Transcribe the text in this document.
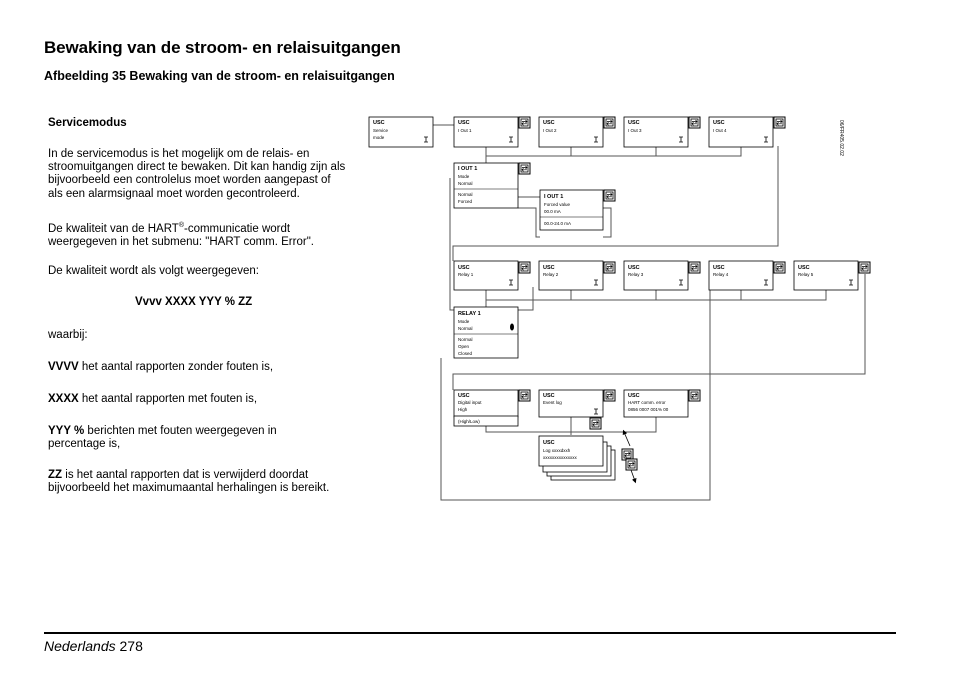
Bewaking van de stroom- en relaisuitgangen
Afbeelding 35 Bewaking van de stroom- en relaisuitgangen
Servicemodus
In de servicemodus is het mogelijk om de relais- en stroomuitgangen direct te bewaken. Dit kan handig zijn als bijvoorbeeld een controlelus moet worden aangepast of als een alarmsignaal moet worden gecontroleerd.
De kwaliteit van de HART®-communicatie wordt weergegeven in het submenu: "HART comm. Error".
De kwaliteit wordt als volgt weergegeven:
Vvvv XXXX YYY % ZZ
waarbij:
VVVV het aantal rapporten zonder fouten is,
XXXX het aantal rapporten met fouten is,
YYY % berichten met fouten weergegeven in percentage is,
ZZ is het aantal rapporten dat is verwijderd doordat bijvoorbeeld het maximumaantal herhalingen is bereikt.
06/FR405.02.02
USC
Service
mode
USC
I Out 1
USC
I Out 2
USC
I Out 3
USC
I Out 4
I OUT 1
Mode
Normal
Normal
Forced
I OUT 1
Forced value
00.0 mA
00.0-24.0 mA
USC
Relay 1
USC
Relay 2
USC
Relay 3
USC
Relay 4
USC
Relay 5
RELAY 1
Mode
Normal
Normal
Open
Closed
USC
Digital input
High
(High/Low)
USC
Event log
USC
HART comm. error
0856 0007 001% 00
USC
Log xxxxdxxh
xxxxxxxxxxxxxxx
Nederlands 278
